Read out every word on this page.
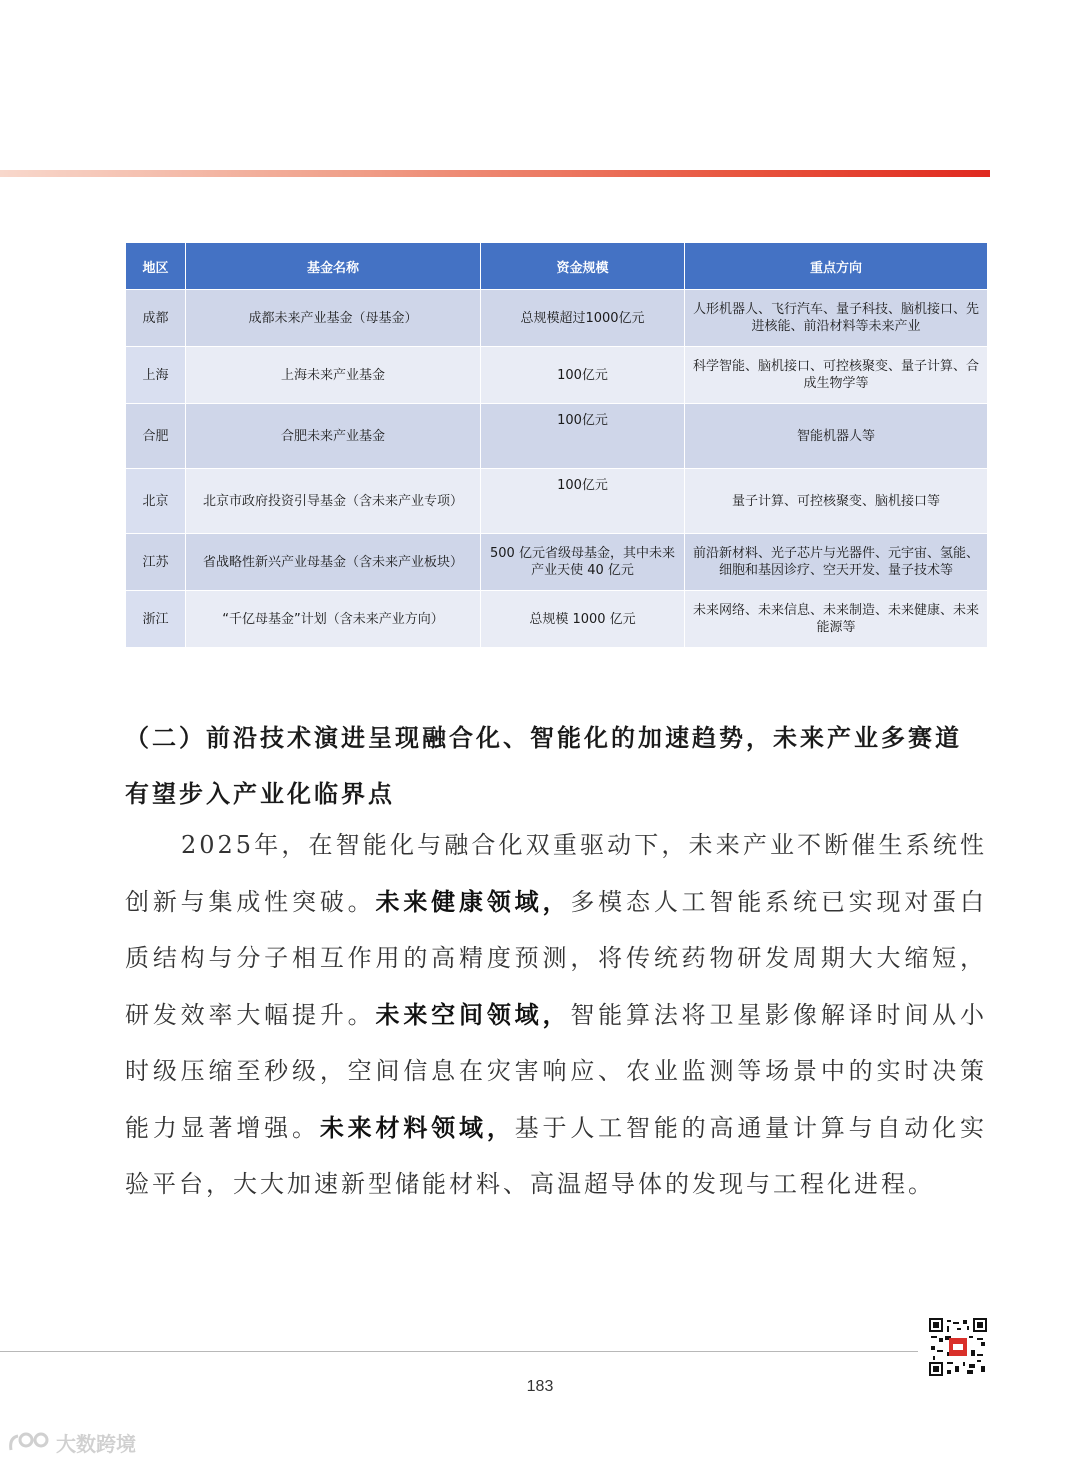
地区	基金名称	资金规模	重点方向
成都	成都未来产业基金（母基金）	总规模超过1000亿元	人形机器人、飞行汽车、量子科技、脑机接口、先进核能、前沿材料等未来产业
上海	上海未来产业基金	100亿元	科学智能、脑机接口、可控核聚变、量子计算、合成生物学等
合肥	合肥未来产业基金	100亿元	智能机器人等
北京	北京市政府投资引导基金（含未来产业专项）	100亿元	量子计算、可控核聚变、脑机接口等
江苏	省战略性新兴产业母基金（含未来产业板块）	500 亿元省级母基金，其中未来产业天使 40 亿元	前沿新材料、光子芯片与光器件、元宇宙、氢能、细胞和基因诊疗、空天开发、量子技术等
浙江	“千亿母基金”计划（含未来产业方向）	总规模 1000 亿元	未来网络、未来信息、未来制造、未来健康、未来能源等
（二）前沿技术演进呈现融合化、智能化的加速趋势，未来产业多赛道有望步入产业化临界点
2025年，在智能化与融合化双重驱动下，未来产业不断催生系统性创新与集成性突破。未来健康领域，多模态人工智能系统已实现对蛋白质结构与分子相互作用的高精度预测，将传统药物研发周期大大缩短，研发效率大幅提升。未来空间领域，智能算法将卫星影像解译时间从小时级压缩至秒级，空间信息在灾害响应、农业监测等场景中的实时决策能力显著增强。未来材料领域，基于人工智能的高通量计算与自动化实验平台，大大加速新型储能材料、高温超导体的发现与工程化进程。
183
大数跨境
